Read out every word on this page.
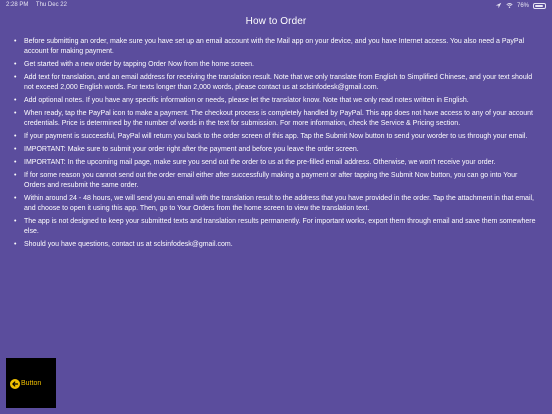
2:28 PM Thu Dec 22	76%
How to Order
• Before submitting an order, make sure you have set up an email account with the Mail app on your device, and you have Internet access. You also need a PayPal account for making payment.
• Get started with a new order by tapping Order Now from the home screen.
• Add text for translation, and an email address for receiving the translation result. Note that we only translate from English to Simplified Chinese, and your text should not exceed 2,000 English words. For texts longer than 2,000 words, please contact us at sclsinfodesk@gmail.com.
• Add optional notes. If you have any specific information or needs, please let the translator know. Note that we only read notes written in English.
• When ready, tap the PayPal icon to make a payment. The checkout process is completely handled by PayPal. This app does not have access to any of your account credentials. Price is determined by the number of words in the text for submission. For more information, check the Service & Pricing section.
• If your payment is successful, PayPal will return you back to the order screen of this app. Tap the Submit Now button to send your worder to us through your email.
• IMPORTANT: Make sure to submit your order right after the payment and before you leave the order screen.
• IMPORTANT: In the upcoming mail page, make sure you send out the order to us at the pre-filled email address. Otherwise, we won't receive your order.
• If for some reason you cannot send out the order email either after successfully making a payment or after tapping the Submit Now button, you can go into Your Orders and resubmit the same order.
• Within around 24 - 48 hours, we will send you an email with the translation result to the address that you have provided in the order. Tap the attachment in that email, and choose to open it using this app. Then, go to Your Orders from the home screen to view the translation text.
• The app is not designed to keep your submitted texts and translation results permanently. For important works, export them through email and save them somewhere else.
• Should you have questions, contact us at sclsinfodesk@gmail.com.
Button
